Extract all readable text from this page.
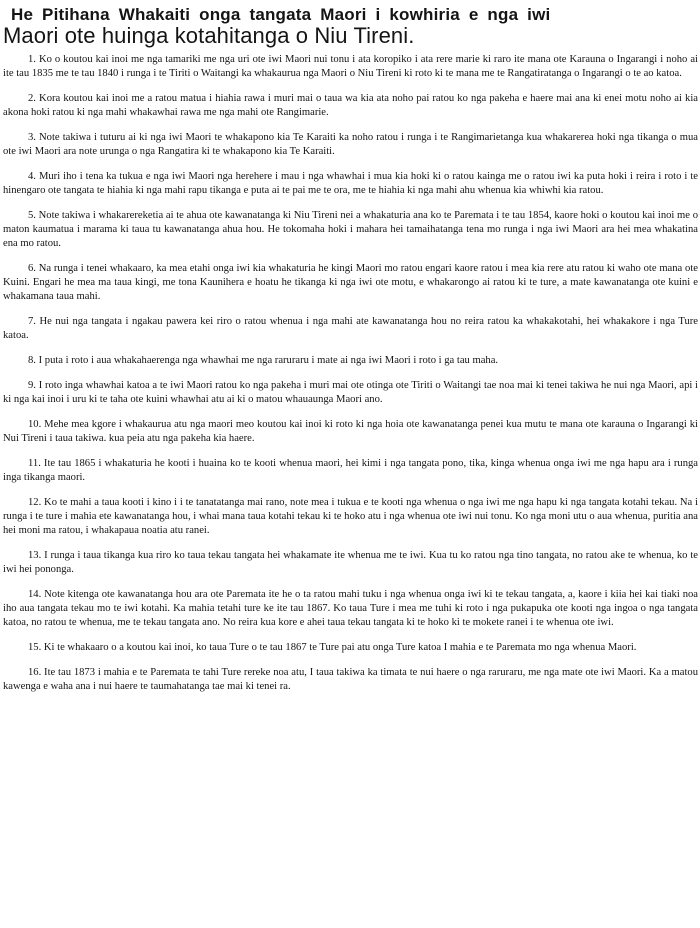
He Pitihana Whakaiti onga tangata Maori i kowhiria e nga iwi
Maori ote huinga kotahitanga o Niu Tireni.

1. Ko o koutou kai inoi me nga tamariki me nga uri ote iwi Maori nui tonu i ata koropiko i ata rere marie ki raro ite mana ote Karauna o Ingarangi i noho ai ite tau 1835 me te tau 1840 i runga i te Tiriti o Waitangi ka whakaurua nga Maori o Niu Tireni ki roto ki te mana me te Rangatiratanga o Ingarangi o te ao katoa.

2. Kora koutou kai inoi me a ratou matua i hiahia rawa i muri mai o taua wa kia ata noho pai ratou ko nga pakeha e haere mai ana ki enei motu noho ai kia akona hoki ratou ki nga mahi whakawhai rawa me nga mahi ote Rangimarie.

3. Note takiwa i tuturu ai ki nga iwi Maori te whakapono kia Te Karaiti ka noho ratou i runga i te Rangimarietanga kua whakarerea hoki nga tikanga o mua ote iwi Maori ara note urunga o nga Rangatira ki te whakapono kia Te Karaiti.

4. Muri iho i tena ka tukua e nga iwi Maori nga herehere i mau i nga whawhai i mua kia hoki ki o ratou kainga me o ratou iwi ka puta hoki i reira i roto i te hinengaro ote tangata te hiahia ki nga mahi rapu tikanga e puta ai te pai me te ora, me te hiahia ki nga mahi ahu whenua kia whiwhi kia ratou.

5. Note takiwa i whakarereketia ai te ahua ote kawanatanga ki Niu Tireni nei a whakaturia ana ko te Paremata i te tau 1854, kaore hoki o koutou kai inoi me o maton kaumatua i marama ki taua tu kawanatanga ahua hou. He tokomaha hoki i mahara hei tamaihatanga tena mo runga i nga iwi Maori ara hei mea whakatina ena mo ratou.

6. Na runga i tenei whakaaro, ka mea etahi onga iwi kia whakaturia he kingi Maori mo ratou engari kaore ratou i mea kia rere atu ratou ki waho ote mana ote Kuini. Engari he mea ma taua kingi, me tona Kaunihera e hoatu he tikanga ki nga iwi ote motu, e whakarongo ai ratou ki te ture, a mate kawanatanga ote kuini e whakamana taua mahi.

7. He nui nga tangata i ngakau pawera kei riro o ratou whenua i nga mahi ate kawanatanga hou no reira ratou ka whakakotahi, hei whakakore i nga Ture katoa.

8. I puta i roto i aua whakahaerenga nga whawhai me nga raruraru i mate ai nga iwi Maori i roto i ga tau maha.

9. I roto inga whawhai katoa a te iwi Maori ratou ko nga pakeha i muri mai ote otinga ote Tiriti o Waitangi tae noa mai ki tenei takiwa he nui nga Maori, api i ki nga kai inoi i uru ki te taha ote kuini whawhai atu ai ki o matou whauaunga Maori ano.

10. Mehe mea kgore i whakaurua atu nga maori meo koutou kai inoi ki roto ki nga hoia ote kawanatanga penei kua mutu te mana ote karauna o Ingarangi ki Nui Tireni i taua takiwa. kua peia atu nga pakeha kia haere.

11. Ite tau 1865 i whakaturia he kooti i huaina ko te kooti whenua maori, hei kimi i nga tangata pono, tika, kinga whenua onga iwi me nga hapu ara i runga inga tikanga maori.

12. Ko te mahi a taua kooti i kino i i te tanatatanga mai rano, note mea i tukua e te kooti nga whenua o nga iwi me nga hapu ki nga tangata kotahi tekau. Na i runga i te ture i mahia ete kawanatanga hou, i whai mana taua kotahi tekau ki te hoko atu i nga whenua ote iwi nui tonu. Ko nga moni utu o aua whenua, puritia ana hei moni ma ratou, i whakapaua noatia atu ranei.

13. I runga i taua tikanga kua riro ko taua tekau tangata hei whakamate ite whenua me te iwi. Kua tu ko ratou nga tino tangata, no ratou ake te whenua, ko te iwi hei pononga.

14. Note kitenga ote kawanatanga hou ara ote Paremata ite he o ta ratou mahi tuku i nga whenua onga iwi ki te tekau tangata, a, kaore i kiia hei kai tiaki noa iho aua tangata tekau mo te iwi kotahi. Ka mahia tetahi ture ke ite tau 1867. Ko taua Ture i mea me tuhi ki roto i nga pukapuka ote kooti nga ingoa o nga tangata katoa, no ratou te whenua, me te tekau tangata ano. No reira kua kore e ahei taua tekau tangata ki te hoko ki te mokete ranei i te whenua ote iwi.

15. Ki te whakaaro o a koutou kai inoi, ko taua Ture o te tau 1867 te Ture pai atu onga Ture katoa I mahia e te Paremata mo nga whenua Maori.

16. Ite tau 1873 i mahia e te Paremata te tahi Ture rereke noa atu, I taua takiwa ka timata te nui haere o nga raruraru, me nga mate ote iwi Maori. Ka a matou kawenga e waha ana i nui haere te taumahatanga tae mai ki tenei ra.
